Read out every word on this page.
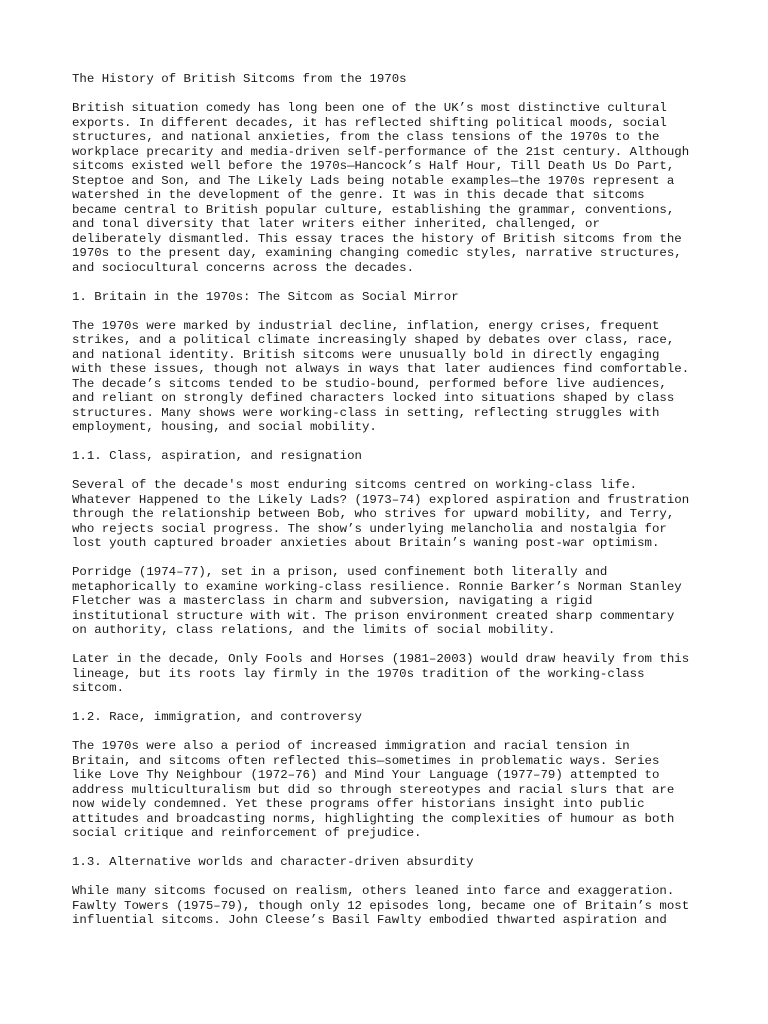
The History of British Sitcoms from the 1970s

British situation comedy has long been one of the UK’s most distinctive cultural
exports. In different decades, it has reflected shifting political moods, social
structures, and national anxieties, from the class tensions of the 1970s to the
workplace precarity and media-driven self-performance of the 21st century. Although
sitcoms existed well before the 1970s—Hancock’s Half Hour, Till Death Us Do Part,
Steptoe and Son, and The Likely Lads being notable examples—the 1970s represent a
watershed in the development of the genre. It was in this decade that sitcoms
became central to British popular culture, establishing the grammar, conventions,
and tonal diversity that later writers either inherited, challenged, or
deliberately dismantled. This essay traces the history of British sitcoms from the
1970s to the present day, examining changing comedic styles, narrative structures,
and sociocultural concerns across the decades.

1. Britain in the 1970s: The Sitcom as Social Mirror

The 1970s were marked by industrial decline, inflation, energy crises, frequent
strikes, and a political climate increasingly shaped by debates over class, race,
and national identity. British sitcoms were unusually bold in directly engaging
with these issues, though not always in ways that later audiences find comfortable.
The decade’s sitcoms tended to be studio-bound, performed before live audiences,
and reliant on strongly defined characters locked into situations shaped by class
structures. Many shows were working-class in setting, reflecting struggles with
employment, housing, and social mobility.

1.1. Class, aspiration, and resignation

Several of the decade's most enduring sitcoms centred on working-class life.
Whatever Happened to the Likely Lads? (1973–74) explored aspiration and frustration
through the relationship between Bob, who strives for upward mobility, and Terry,
who rejects social progress. The show’s underlying melancholia and nostalgia for
lost youth captured broader anxieties about Britain’s waning post-war optimism.

Porridge (1974–77), set in a prison, used confinement both literally and
metaphorically to examine working-class resilience. Ronnie Barker’s Norman Stanley
Fletcher was a masterclass in charm and subversion, navigating a rigid
institutional structure with wit. The prison environment created sharp commentary
on authority, class relations, and the limits of social mobility.

Later in the decade, Only Fools and Horses (1981–2003) would draw heavily from this
lineage, but its roots lay firmly in the 1970s tradition of the working-class
sitcom.

1.2. Race, immigration, and controversy

The 1970s were also a period of increased immigration and racial tension in
Britain, and sitcoms often reflected this—sometimes in problematic ways. Series
like Love Thy Neighbour (1972–76) and Mind Your Language (1977–79) attempted to
address multiculturalism but did so through stereotypes and racial slurs that are
now widely condemned. Yet these programs offer historians insight into public
attitudes and broadcasting norms, highlighting the complexities of humour as both
social critique and reinforcement of prejudice.

1.3. Alternative worlds and character-driven absurdity

While many sitcoms focused on realism, others leaned into farce and exaggeration.
Fawlty Towers (1975–79), though only 12 episodes long, became one of Britain’s most
influential sitcoms. John Cleese’s Basil Fawlty embodied thwarted aspiration and
